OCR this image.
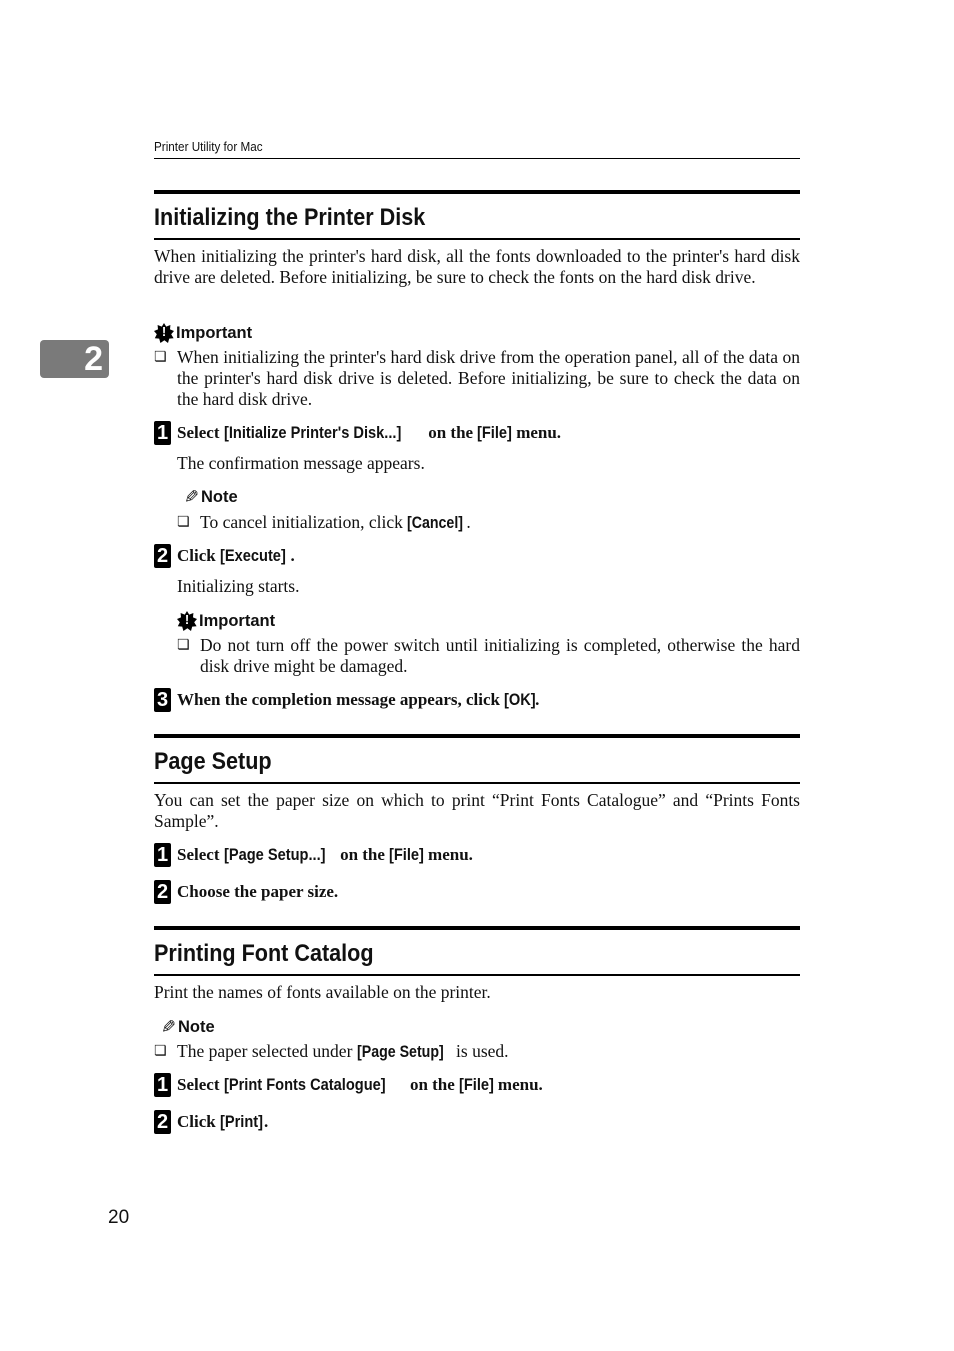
Printer Utility for Mac
2
Initializing the Printer Disk
When initializing the printer's hard disk, all the fonts downloaded to the printer's hard disk drive are deleted. Before initializing, be sure to check the fonts on the hard disk drive.
!
Important
❏ When initializing the printer's hard disk drive from the operation panel, all of the data on the printer's hard disk drive is deleted. Before initializing, be sure to check the data on the hard disk drive.
1 Select [Initialize Printer's Disk...] on the [File] menu.
The confirmation message appears.
✎ Note
❏ To cancel initialization, click [Cancel] .
2 Click [Execute] .
Initializing starts.
!
Important
❏ Do not turn off the power switch until initializing is completed, otherwise the hard disk drive might be damaged.
3 When the completion message appears, click [OK].
Page Setup
You can set the paper size on which to print “Print Fonts Catalogue” and “Prints Fonts Sample”.
1 Select [Page Setup...] on the [File] menu.
2 Choose the paper size.
Printing Font Catalog
Print the names of fonts available on the printer.
✎ Note
❏ The paper selected under [Page Setup] is used.
1 Select [Print Fonts Catalogue] on the [File] menu.
2 Click [Print].
20
